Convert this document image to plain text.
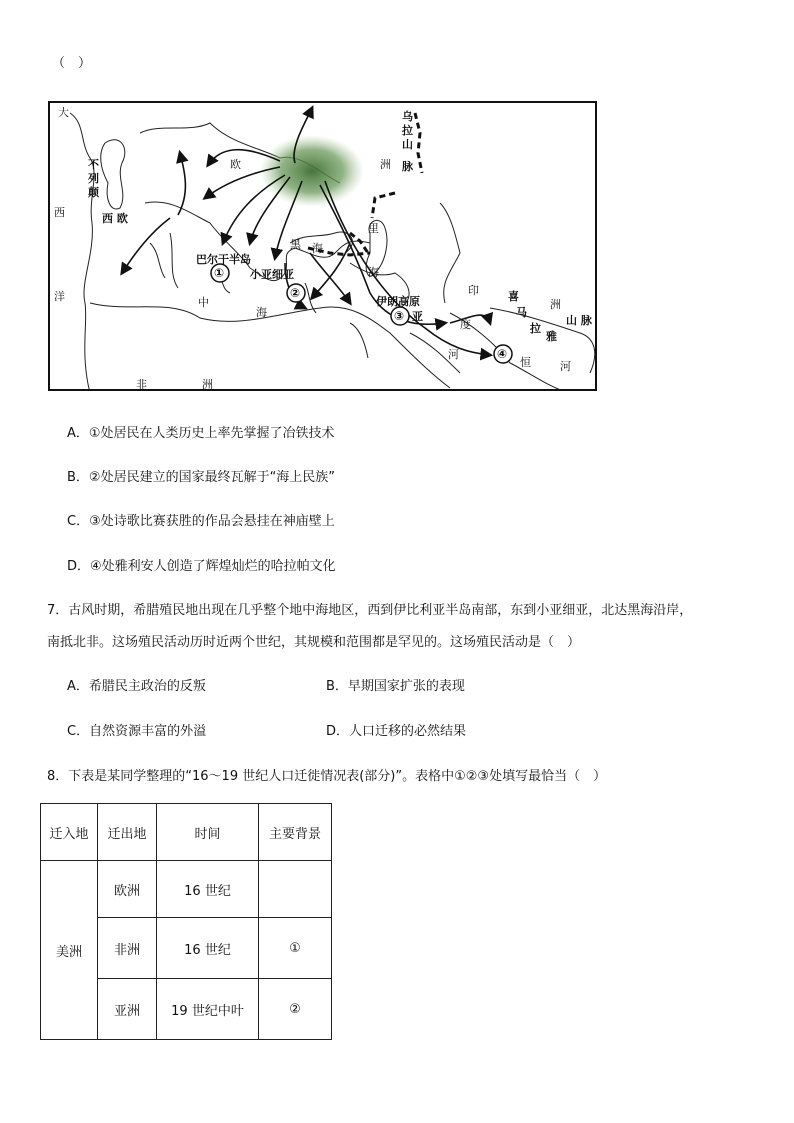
（　）
大
西
洋
不
列
颠
西 欧
欧	洲
乌
拉
山
脉
黑 海
里
海
巴尔干半岛
小亚细亚
中
海
伊朗高原
亚
印
度
河
喜
马
拉
雅
山 脉
洲
恒	河
非	洲
①
②
③
④
A．①处居民在人类历史上率先掌握了冶铁技术
B．②处居民建立的国家最终瓦解于“海上民族”
C．③处诗歌比赛获胜的作品会悬挂在神庙壁上
D．④处雅利安人创造了辉煌灿烂的哈拉帕文化
7．古风时期，希腊殖民地出现在几乎整个地中海地区，西到伊比利亚半岛南部，东到小亚细亚，北达黑海沿岸，
南抵北非。这场殖民活动历时近两个世纪，其规模和范围都是罕见的。这场殖民活动是（　）
A．希腊民主政治的反叛	B．早期国家扩张的表现
C．自然资源丰富的外溢	D．人口迁移的必然结果
8．下表是某同学整理的“16～19 世纪人口迁徙情况表(部分)”。表格中①②③处填写最恰当（　）
迁入地	迁出地	时间	主要背景
美洲	欧洲	16 世纪	
	非洲	16 世纪	①
	亚洲	19 世纪中叶	②
